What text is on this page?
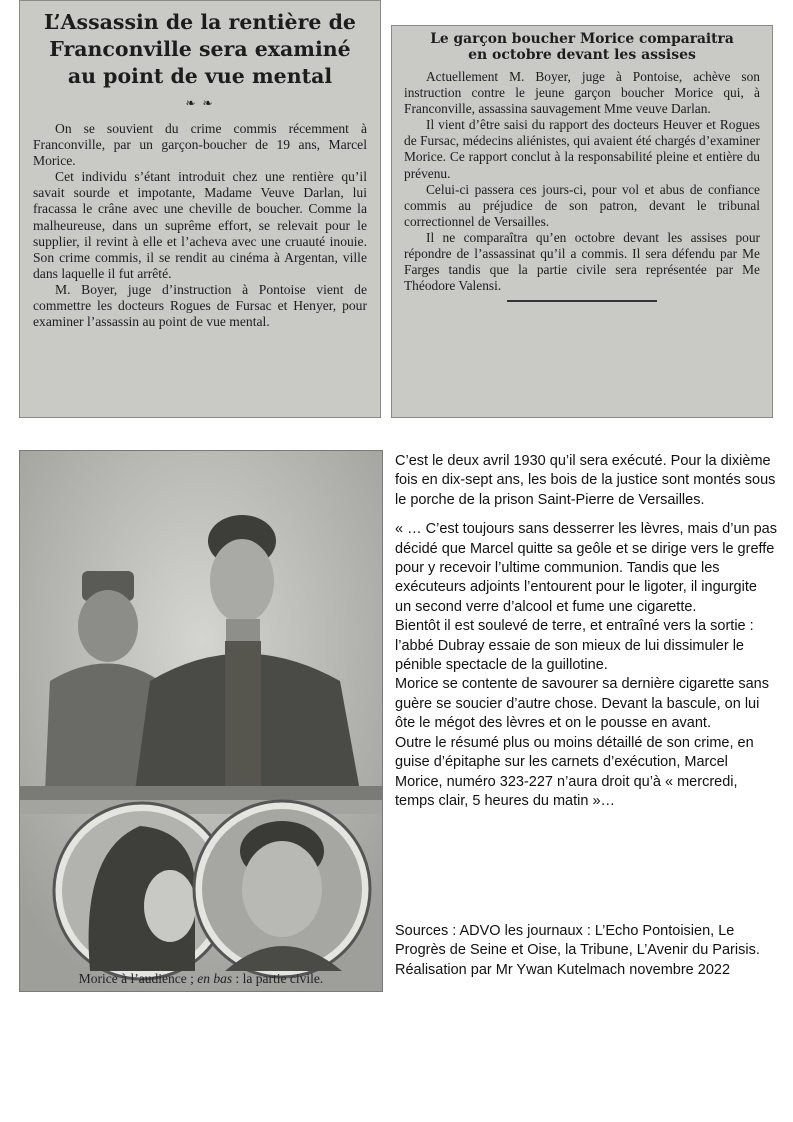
L’Assassin de la rentière de Franconville sera examiné au point de vue mental
❧ ❧

On se souvient du crime commis récemment à Franconville, par un garçon-boucher de 19 ans, Marcel Morice.

Cet individu s’étant introduit chez une rentière qu’il savait sourde et impotante, Madame Veuve Darlan, lui fracassa le crâne avec une cheville de boucher. Comme la malheureuse, dans un suprême effort, se relevait pour le supplier, il revint à elle et l’acheva avec une cruauté inouie. Son crime commis, il se rendit au cinéma à Argentan, ville dans laquelle il fut arrêté.

M. Boyer, juge d’instruction à Pontoise vient de commettre les docteurs Rogues de Fursac et Henyer, pour examiner l’assassin au point de vue mental.

Le garçon boucher Morice comparaitra
en octobre devant les assises

Actuellement M. Boyer, juge à Pontoise, achève son instruction contre le jeune garçon boucher Morice qui, à Franconville, assassina sauvagement Mme veuve Darlan.

Il vient d’être saisi du rapport des docteurs Heuver et Rogues de Fursac, médecins aliénistes, qui avaient été chargés d’examiner Morice. Ce rapport conclut à la responsabilité pleine et entière du prévenu.

Celui-ci passera ces jours-ci, pour vol et abus de confiance commis au préjudice de son patron, devant le tribunal correctionnel de Versailles.

Il ne comparaîtra qu’en octobre devant les assises pour répondre de l’assassinat qu’il a commis. Il sera défendu par Me Farges tandis que la partie civile sera représentée par Me Théodore Valensi.

Morice à l’audience ; en bas : la partie civile.

C’est le deux avril 1930 qu’il sera exécuté. Pour la dixième fois en dix-sept ans, les bois de la justice sont montés sous le porche de la prison Saint-Pierre de Versailles.

« … C’est toujours sans desserrer les lèvres, mais d’un pas décidé que Marcel quitte sa geôle et se dirige vers le greffe pour y recevoir l’ultime communion. Tandis que les exécuteurs adjoints l’entourent pour le ligoter, il ingurgite un second verre d’alcool et fume une cigarette.

Bientôt il est soulevé de terre, et entraîné vers la sortie : l’abbé Dubray essaie de son mieux de lui dissimuler le pénible spectacle de la guillotine.

Morice se contente de savourer sa dernière cigarette sans guère se soucier d’autre chose. Devant la bascule, on lui ôte le mégot des lèvres et on le pousse en avant.

Outre le résumé plus ou moins détaillé de son crime, en guise d’épitaphe sur les carnets d’exécution, Marcel Morice, numéro 323-227 n’aura droit qu’à « mercredi, temps clair, 5 heures du matin »…

Sources : ADVO les journaux : L’Echo Pontoisien, Le Progrès de Seine et Oise, la Tribune, L’Avenir du Parisis. Réalisation par Mr Ywan Kutelmach novembre 2022
